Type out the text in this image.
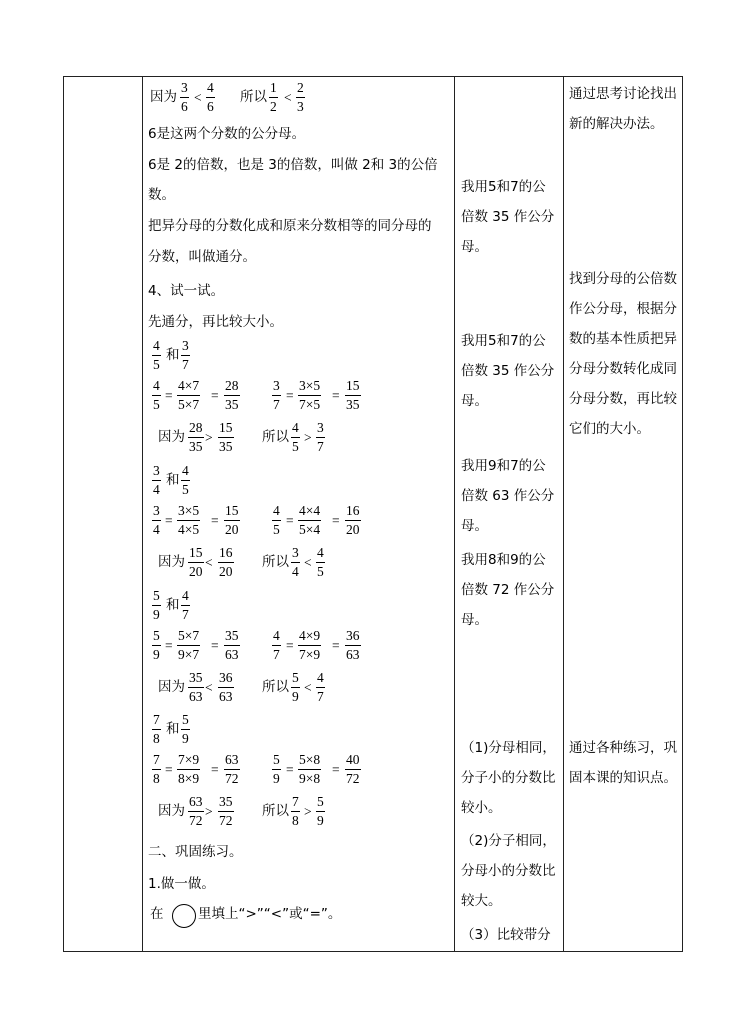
因为 $\frac{3}{6} < \frac{4}{6}$ 所以 $\frac{1}{2} < \frac{2}{3}$
6是这两个分数的公分母。
6是 2的倍数，也是 3的倍数，叫做 2和 3的公倍
数。
把异分母的分数化成和原来分数相等的同分母的
分数，叫做通分。
4、试一试。
先通分，再比较大小。
$\frac{4}{5}$ 和 $\frac{3}{7}$
$\frac{4}{5} = \frac{4\times 7}{5\times 7} = \frac{28}{35} \frac{3}{7} = \frac{3\times 5}{7\times 5} = \frac{15}{35}$
因为 $\frac{28}{35} > \frac{15}{35}$ 所以 $\frac{4}{5} > \frac{3}{7}$
$\frac{3}{4}$ 和 $\frac{4}{5}$
$\frac{3}{4} = \frac{3\times 5}{4\times 5} = \frac{15}{20} \frac{4}{5} = \frac{4\times 4}{5\times 4} = \frac{16}{20}$
因为 $\frac{15}{20} < \frac{16}{20}$ 所以 $\frac{3}{4} < \frac{4}{5}$
$\frac{5}{9}$ 和 $\frac{4}{7}$
$\frac{5}{9} = \frac{5\times 7}{9\times 7} = \frac{35}{63} \frac{4}{7} = \frac{4\times 9}{7\times 9} = \frac{36}{63}$
因为 $\frac{35}{63} < \frac{36}{63}$ 所以 $\frac{5}{9} < \frac{4}{7}$
$\frac{7}{8}$ 和 $\frac{5}{9}$
$\frac{7}{8} = \frac{7\times 9}{8\times 9} = \frac{63}{72} \frac{5}{9} = \frac{5\times 8}{9\times 8} = \frac{40}{72}$
因为 $\frac{63}{72} > \frac{35}{72}$ 所以 $\frac{7}{8} > \frac{5}{9}$
二、巩固练习。
1.做一做。
在	里填上“>”“<”或“=”。
我用5和7的公倍数 35 作公分母。
我用5和7的公倍数 35 作公分母。
我用9和7的公倍数 63 作公分母。
我用8和9的公倍数 72 作公分母。
（1)分母相同，分子小的分数比较小。
（2)分子相同，分母小的分数比较大。
（3）比较带分
通过思考讨论找出新的解决办法。
找到分母的公倍数作公分母，根据分数的基本性质把异分母分数转化成同分母分数，再比较它们的大小。
通过各种练习，巩固本课的知识点。
